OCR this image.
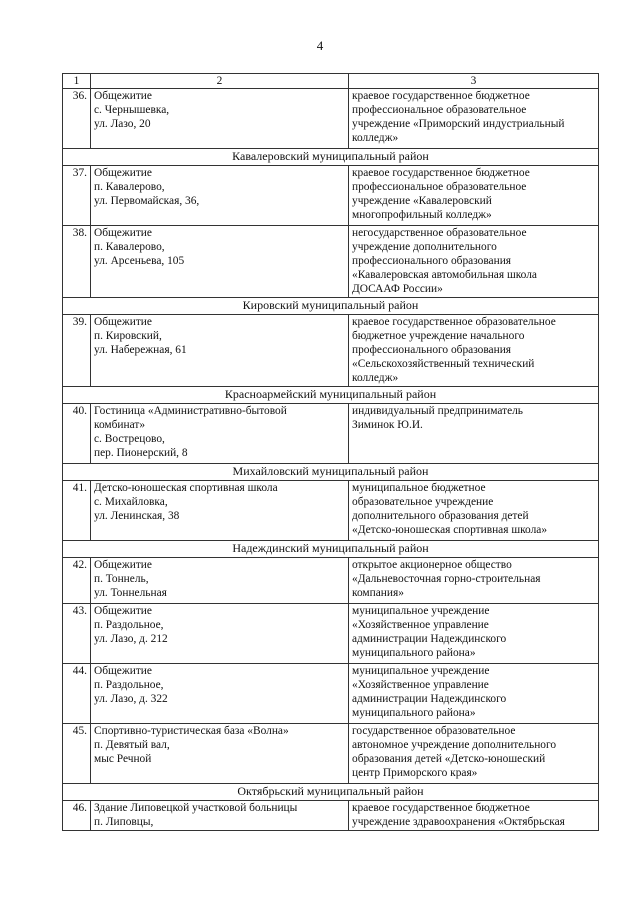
4
1	2	3
36.	Общежитие
с. Чернышевка,
ул. Лазо, 20	краевое государственное бюджетное
профессиональное образовательное
учреждение «Приморский индустриальный
колледж»

Кавалеровский муниципальный район		
37.	Общежитие
п. Кавалерово,
ул. Первомайская, 36,	краевое государственное бюджетное
профессиональное образовательное
учреждение «Кавалеровский
многопрофильный колледж»

38.	Общежитие
п. Кавалерово,
ул. Арсеньева, 105	негосударственное образовательное
учреждение дополнительного
профессионального образования
«Кавалеровская автомобильная школа
ДОСААФ России»

Кировский муниципальный район		
39.	Общежитие
п. Кировский,
ул. Набережная, 61	краевое государственное образовательное
бюджетное учреждение начального
профессионального образования
«Сельскохозяйственный технический
колледж»

Красноармейский муниципальный район		
40.	Гостиница «Административно-бытовой
комбинат»
с. Вострецово,
пер. Пионерский, 8	индивидуальный предприниматель
Зиминок Ю.И.

Михайловский муниципальный район		
41.	Детско-юношеская спортивная школа
с. Михайловка,
ул. Ленинская, 38	муниципальное бюджетное
образовательное учреждение
дополнительного образования детей
«Детско-юношеская спортивная школа»

Надеждинский муниципальный район		
42.	Общежитие
п. Тоннель,
ул. Тоннельная	открытое акционерное общество
«Дальневосточная горно-строительная
компания»

43.	Общежитие
п. Раздольное,
ул. Лазо, д. 212	муниципальное учреждение
«Хозяйственное управление
администрации Надеждинского
муниципального района»

44.	Общежитие
п. Раздольное,
ул. Лазо, д. 322	муниципальное учреждение
«Хозяйственное управление
администрации Надеждинского
муниципального района»

45.	Спортивно-туристическая база «Волна»
п. Девятый вал,
мыс Речной	государственное образовательное
автономное учреждение дополнительного
образования детей «Детско-юношеский
центр Приморского края»

Октябрьский муниципальный район		
46.	Здание Липовецкой участковой больницы
п. Липовцы,	краевое государственное бюджетное
учреждение здравоохранения «Октябрьская
